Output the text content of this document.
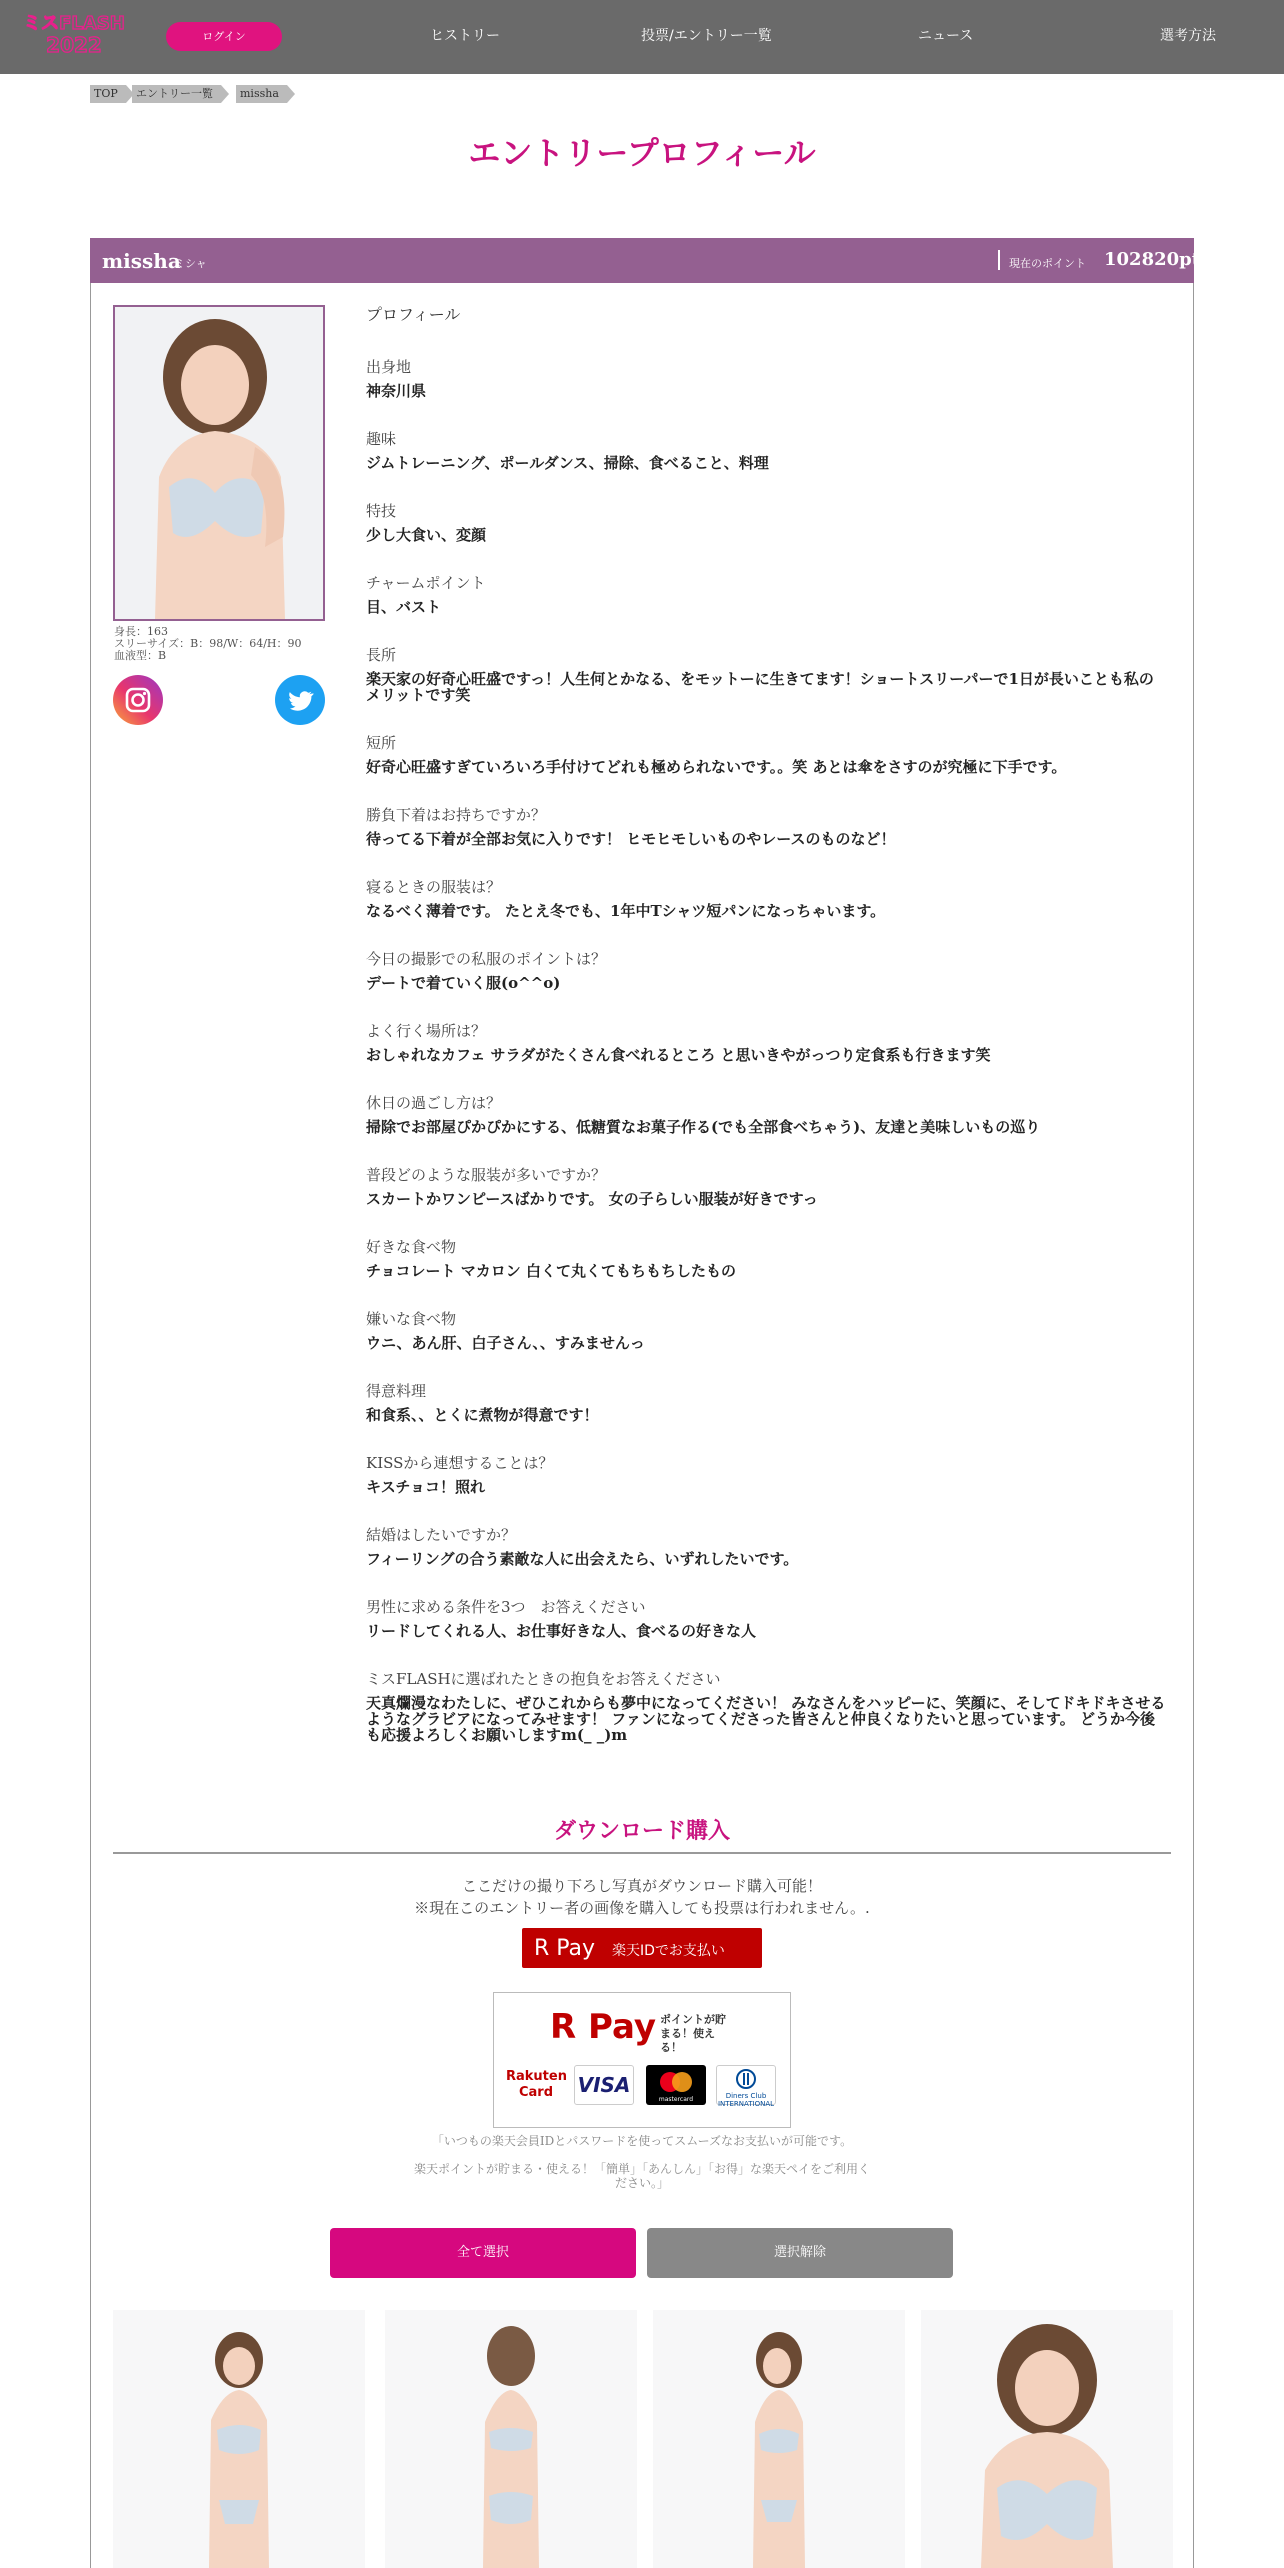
ミスFLASH
2022	ログイン	ヒストリー	投票/エントリー一覧	ニュース	選考方法
TOP	エントリー一覧	missha
エントリープロフィール
missha
ミシャ	現在のポイント 102820pt
身長：163
スリーサイズ：B：98/W：64/H：90
血液型：B
プロフィール
出身地
神奈川県
趣味
ジムトレーニング、ポールダンス、掃除、食べること、料理
特技
少し大食い、変顔
チャームポイント
目、バスト
長所
楽天家の好奇心旺盛ですっ！人生何とかなる、をモットーに生きてます！ショートスリーパーで1日が長いことも私のメリットです笑
短所
好奇心旺盛すぎていろいろ手付けてどれも極められないです。。笑 あとは傘をさすのが究極に下手です。
勝負下着はお持ちですか？
待ってる下着が全部お気に入りです！ ヒモヒモしいものやレースのものなど！
寝るときの服装は？
なるべく薄着です。 たとえ冬でも、1年中Tシャツ短パンになっちゃいます。
今日の撮影での私服のポイントは？
デートで着ていく服(o^^o)
よく行く場所は？
おしゃれなカフェ サラダがたくさん食べれるところ と思いきやがっつり定食系も行きます笑
休日の過ごし方は？
掃除でお部屋ぴかぴかにする、低糖質なお菓子作る(でも全部食べちゃう)、友達と美味しいもの巡り
普段どのような服装が多いですか？
スカートかワンピースばかりです。 女の子らしい服装が好きですっ
好きな食べ物
チョコレート マカロン 白くて丸くてもちもちしたもの
嫌いな食べ物
ウニ、あん肝、白子さん、、すみませんっ
得意料理
和食系、、とくに煮物が得意です！
KISSから連想することは？
キスチョコ！照れ
結婚はしたいですか？
フィーリングの合う素敵な人に出会えたら、いずれしたいです。
男性に求める条件を3つ　お答えください
リードしてくれる人、お仕事好きな人、食べるの好きな人
ミスFLASHに選ばれたときの抱負をお答えください
天真爛漫なわたしに、ぜひこれからも夢中になってください！ みなさんをハッピーに、笑顔に、そしてドキドキさせるようなグラビアになってみせます！ ファンになってくださった皆さんと仲良くなりたいと思っています。 どうか今後も応援よろしくお願いしますm(_ _)m
ダウンロード購入
ここだけの撮り下ろし写真がダウンロード購入可能！
※現在このエントリー者の画像を購入しても投票は行われません。.
R Pay 楽天IDでお支払い
R Pay ポイントが貯まる！使える！
Rakuten Card	VISA
mastercard	Diners Club INTERNATIONAL
「いつもの楽天会員IDとパスワードを使ってスムーズなお支払いが可能です。
楽天ポイントが貯まる・使える！「簡単」「あんしん」「お得」な楽天ペイをご利用ください。」
全て選択	選択解除
